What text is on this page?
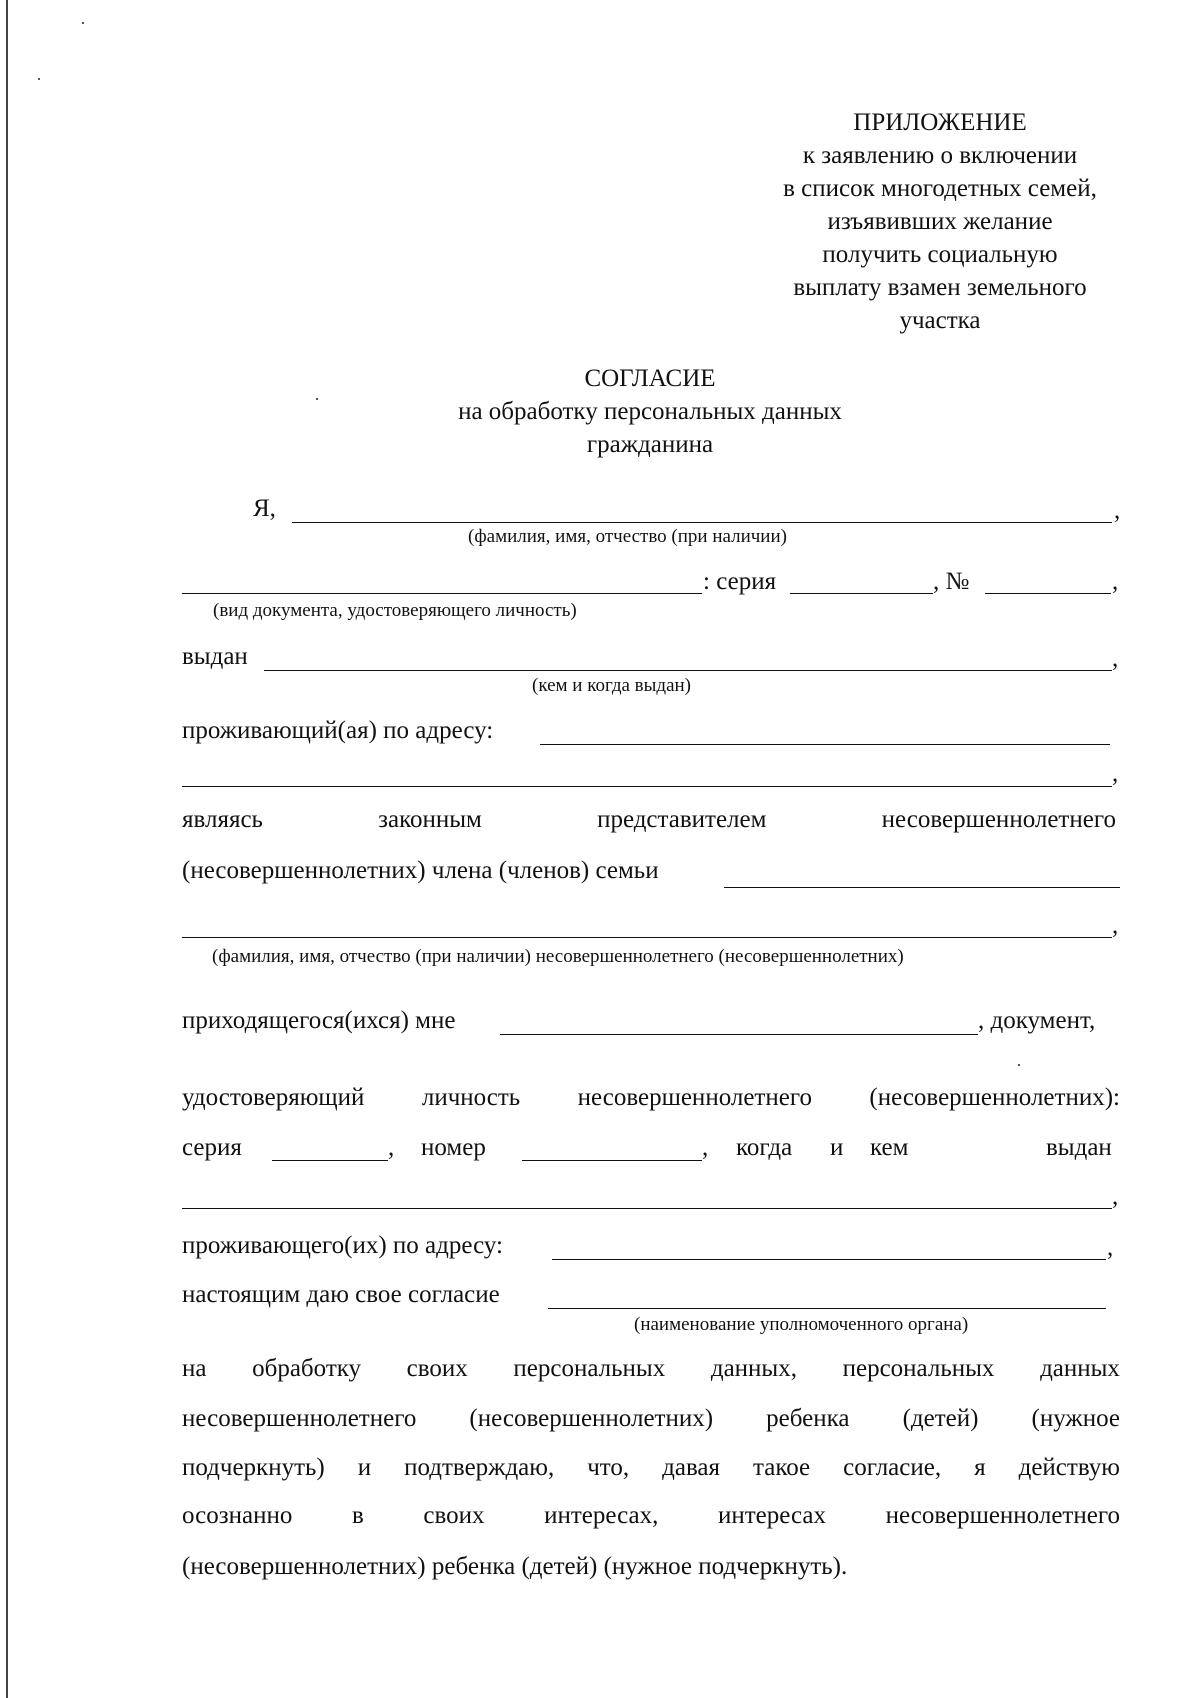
ПРИЛОЖЕНИЕ
к заявлению о включении
в список многодетных семей,
изъявивших желание
получить социальную
выплату взамен земельного
участка
СОГЛАСИЕ
на обработку персональных данных
гражданина
Я,	,
(фамилия, имя, отчество (при наличии)
: серия	, №	,
(вид документа, удостоверяющего личность)
выдан	,
(кем и когда выдан)
проживающий(ая) по адресу:
,
являясь	законным	представителем	несовершеннолетнего
(несовершеннолетних) члена (членов) семьи
,
(фамилия, имя, отчество (при наличии) несовершеннолетнего (несовершеннолетних)
приходящегося(ихся) мне	, документ,
удостоверяющий личность несовершеннолетнего (несовершеннолетних):
серия	, номер	, когда и кем	выдан
,
проживающего(их) по адресу:	,
настоящим даю свое согласие
(наименование уполномоченного органа)
на обработку своих персональных данных, персональных данных
несовершеннолетнего (несовершеннолетних) ребенка (детей) (нужное
подчеркнуть) и подтверждаю, что, давая такое согласие, я действую
осознанно в своих интересах, интересах несовершеннолетнего
(несовершеннолетних) ребенка (детей) (нужное подчеркнуть).
